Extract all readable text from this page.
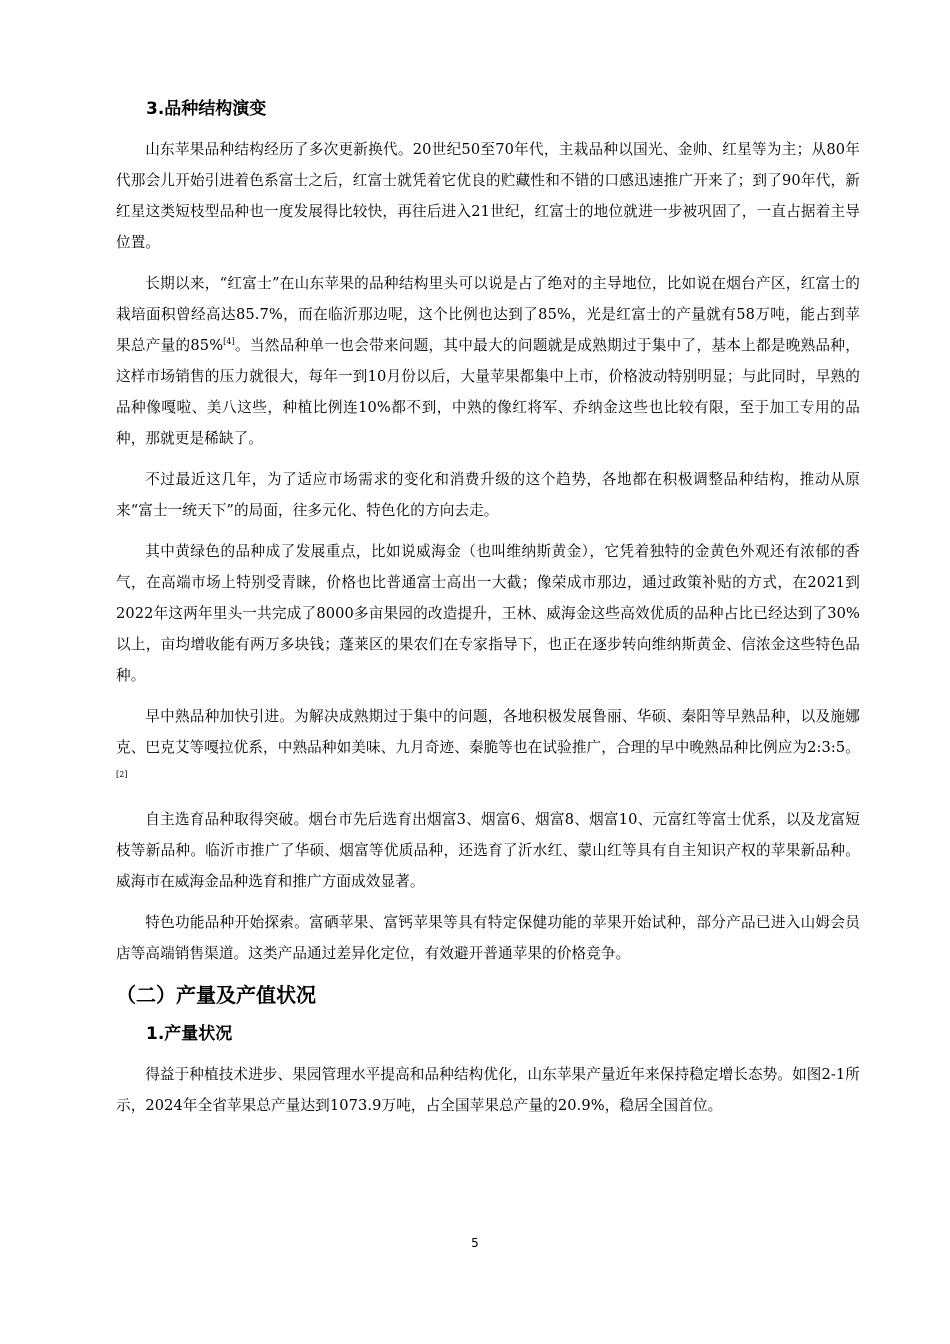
3.品种结构演变

山东苹果品种结构经历了多次更新换代。20世纪50至70年代，主栽品种以国光、金帅、红星等为主；从80年代那会儿开始引进着色系富士之后，红富士就凭着它优良的贮藏性和不错的口感迅速推广开来了；到了90年代，新红星这类短枝型品种也一度发展得比较快，再往后进入21世纪，红富士的地位就进一步被巩固了，一直占据着主导位置。

长期以来，“红富士”在山东苹果的品种结构里头可以说是占了绝对的主导地位，比如说在烟台产区，红富士的栽培面积曾经高达85.7%，而在临沂那边呢，这个比例也达到了85%，光是红富士的产量就有58万吨，能占到苹果总产量的85%[4]。当然品种单一也会带来问题，其中最大的问题就是成熟期过于集中了，基本上都是晚熟品种，这样市场销售的压力就很大，每年一到10月份以后，大量苹果都集中上市，价格波动特别明显；与此同时，早熟的品种像嘎啦、美八这些，种植比例连10%都不到，中熟的像红将军、乔纳金这些也比较有限，至于加工专用的品种，那就更是稀缺了。

不过最近这几年，为了适应市场需求的变化和消费升级的这个趋势，各地都在积极调整品种结构，推动从原来“富士一统天下”的局面，往多元化、特色化的方向去走。

其中黄绿色的品种成了发展重点，比如说威海金（也叫维纳斯黄金），它凭着独特的金黄色外观还有浓郁的香气，在高端市场上特别受青睐，价格也比普通富士高出一大截；像荣成市那边，通过政策补贴的方式，在2021到2022年这两年里头一共完成了8000多亩果园的改造提升，王林、威海金这些高效优质的品种占比已经达到了30%以上，亩均增收能有两万多块钱；蓬莱区的果农们在专家指导下，也正在逐步转向维纳斯黄金、信浓金这些特色品种。

早中熟品种加快引进。为解决成熟期过于集中的问题，各地积极发展鲁丽、华硕、秦阳等早熟品种，以及施娜克、巴克艾等嘎拉优系，中熟品种如美味、九月奇迹、秦脆等也在试验推广，合理的早中晚熟品种比例应为2:3:5。[2]

自主选育品种取得突破。烟台市先后选育出烟富3、烟富6、烟富8、烟富10、元富红等富士优系，以及龙富短枝等新品种。临沂市推广了华硕、烟富等优质品种，还选育了沂水红、蒙山红等具有自主知识产权的苹果新品种。威海市在威海金品种选育和推广方面成效显著。

特色功能品种开始探索。富硒苹果、富钙苹果等具有特定保健功能的苹果开始试种，部分产品已进入山姆会员店等高端销售渠道。这类产品通过差异化定位，有效避开普通苹果的价格竞争。

（二）产量及产值状况
1.产量状况

得益于种植技术进步、果园管理水平提高和品种结构优化，山东苹果产量近年来保持稳定增长态势。如图2-1所示，2024年全省苹果总产量达到1073.9万吨，占全国苹果总产量的20.9%，稳居全国首位。

5
